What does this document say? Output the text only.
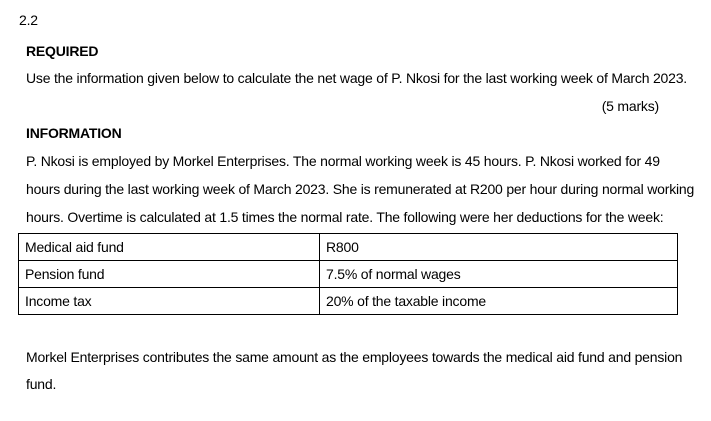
2.2
REQUIRED
Use the information given below to calculate the net wage of P. Nkosi for the last working week of March 2023.
(5 marks)
INFORMATION
P. Nkosi is employed by Morkel Enterprises. The normal working week is 45 hours. P. Nkosi worked for 49
hours during the last working week of March 2023. She is remunerated at R200 per hour during normal working
hours. Overtime is calculated at 1.5 times the normal rate. The following were her deductions for the week:
Medical aid fund	R800
Pension fund	7.5% of normal wages
Income tax	20% of the taxable income
Morkel Enterprises contributes the same amount as the employees towards the medical aid fund and pension
fund.
